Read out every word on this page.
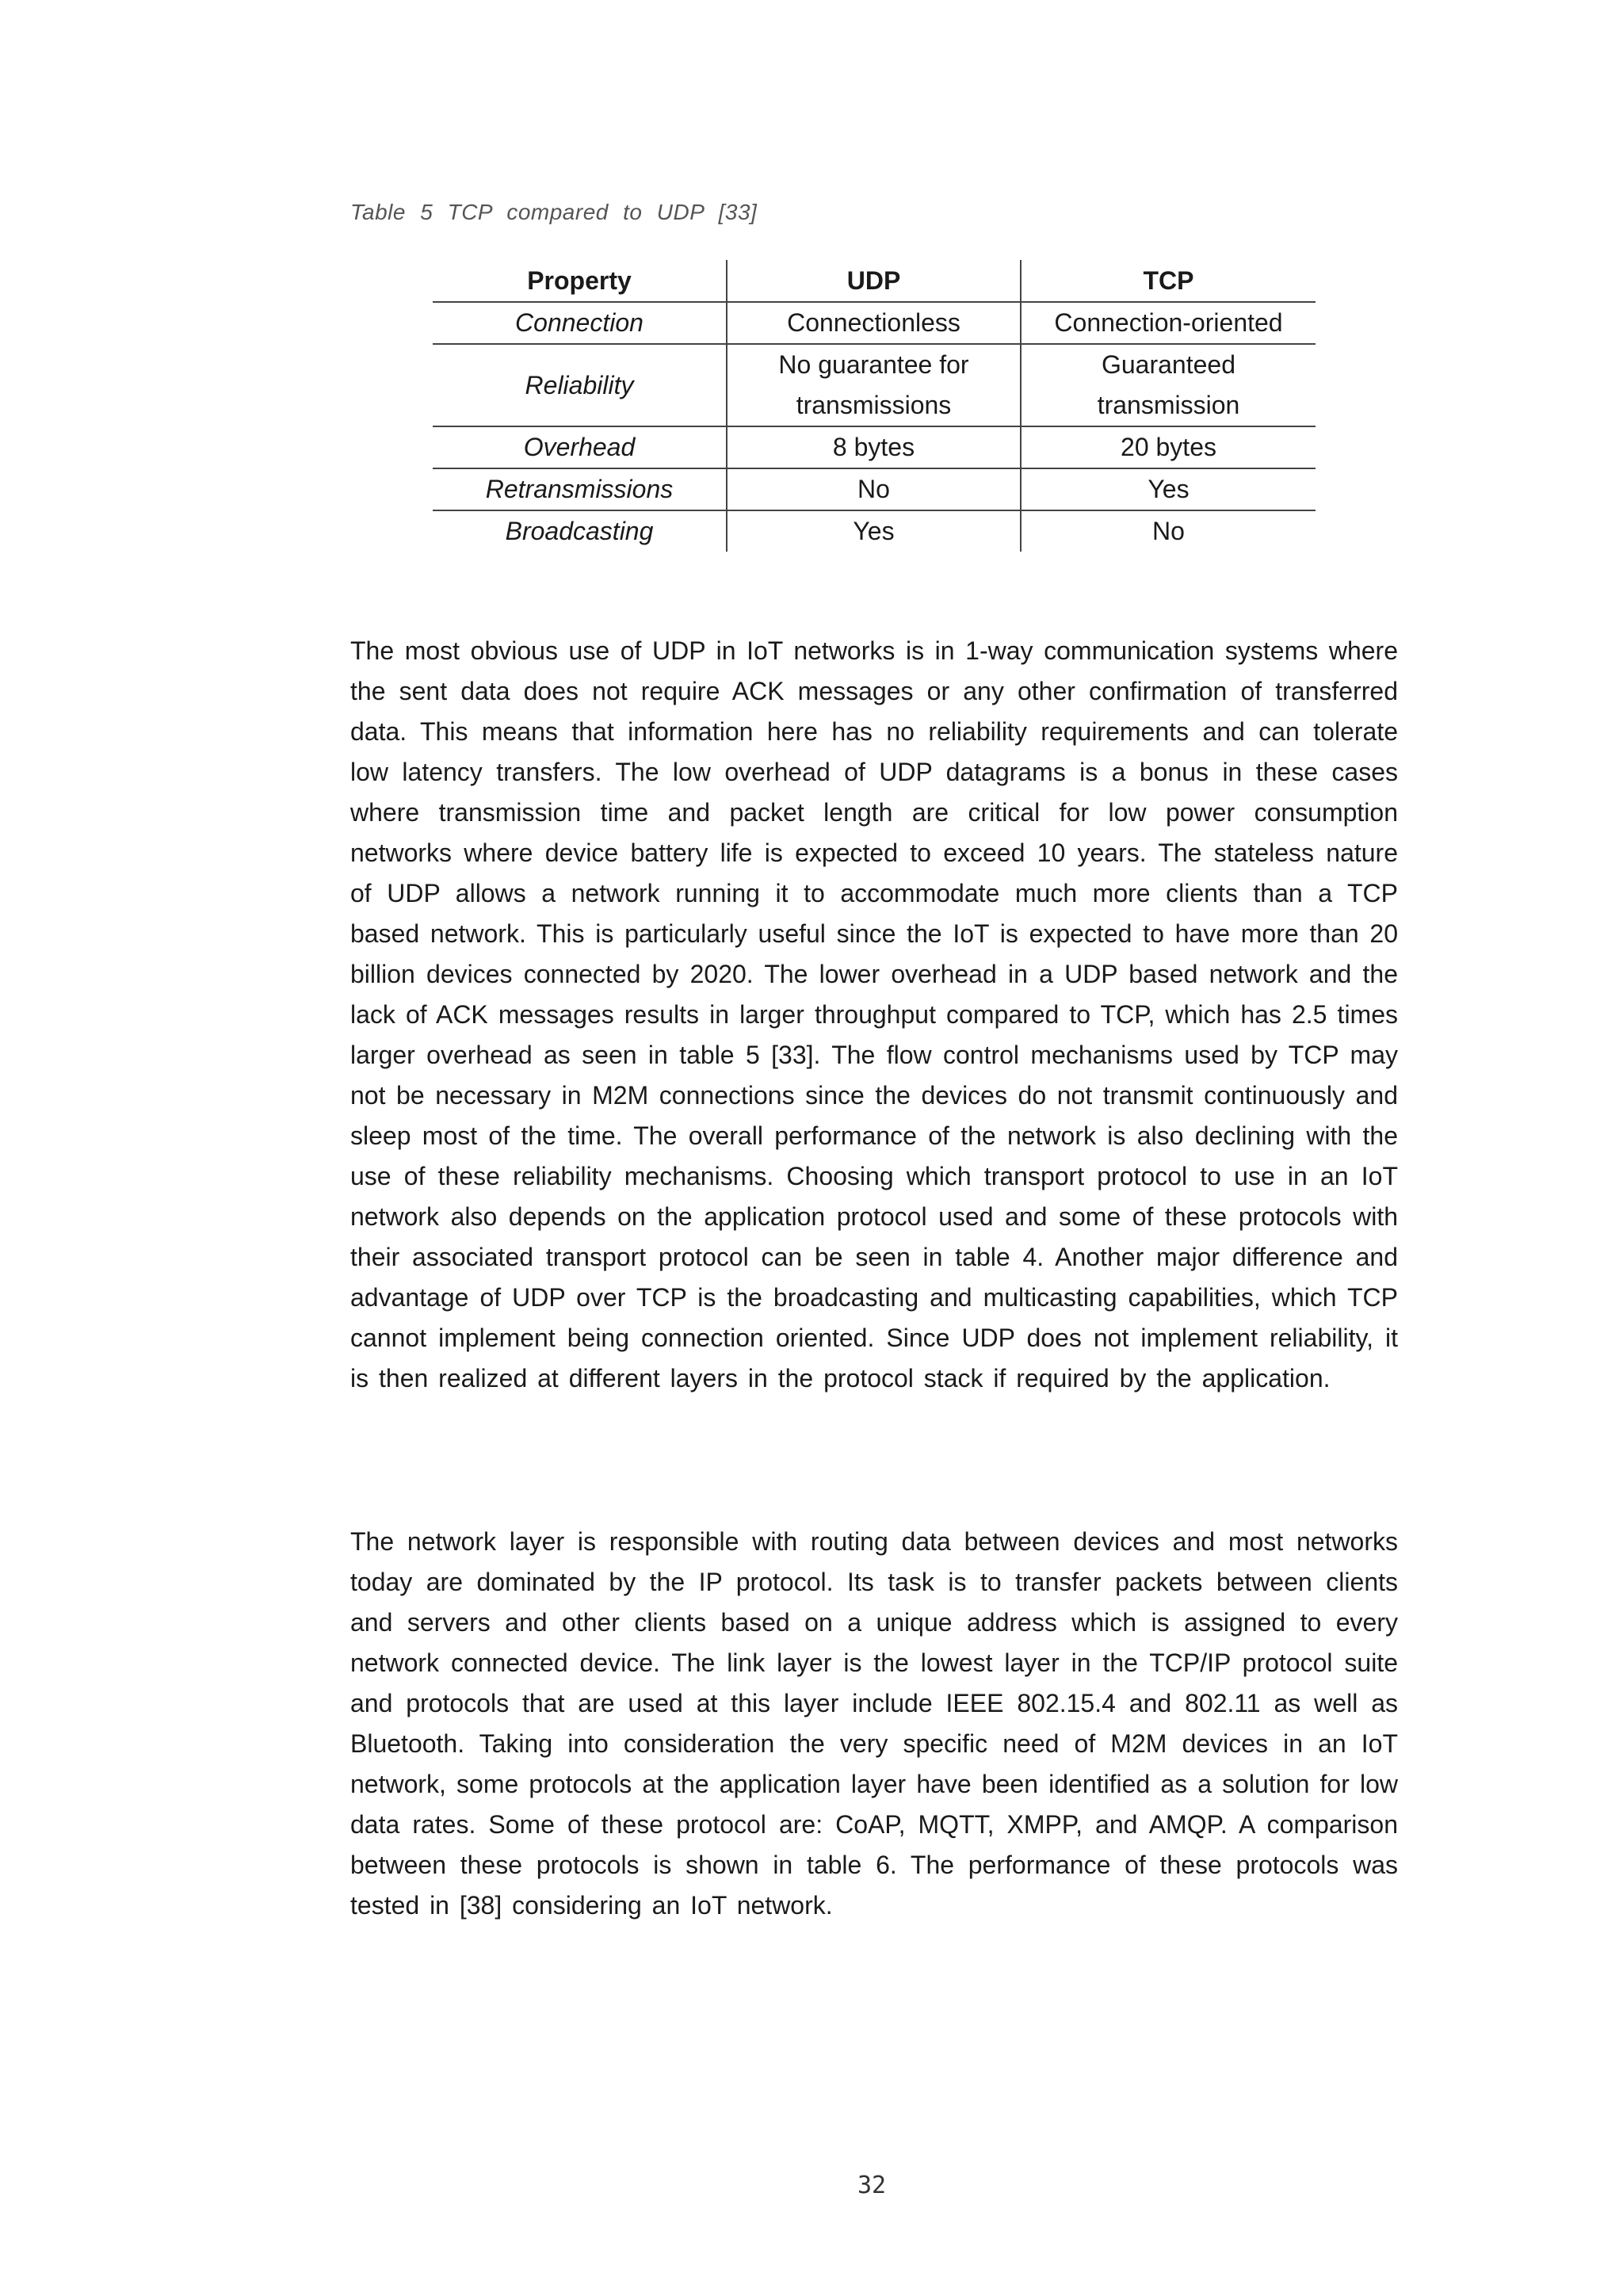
Table 5 TCP compared to UDP [33]
Property	UDP	TCP
Connection	Connectionless	Connection-oriented
Reliability	No guarantee for transmissions	Guaranteed transmission
Overhead	8 bytes	20 bytes
Retransmissions	No	Yes
Broadcasting	Yes	No

The most obvious use of UDP in IoT networks is in 1-way communication systems where the sent data does not require ACK messages or any other confirmation of transferred data. This means that information here has no reliability requirements and can tolerate low latency transfers. The low overhead of UDP datagrams is a bonus in these cases where transmission time and packet length are critical for low power consumption networks where device battery life is expected to exceed 10 years. The stateless nature of UDP allows a network running it to accommodate much more clients than a TCP based network. This is particularly useful since the IoT is expected to have more than 20 billion devices connected by 2020. The lower overhead in a UDP based network and the lack of ACK messages results in larger throughput compared to TCP, which has 2.5 times larger overhead as seen in table 5 [33]. The flow control mechanisms used by TCP may not be necessary in M2M connections since the devices do not transmit continuously and sleep most of the time. The overall performance of the network is also declining with the use of these reliability mechanisms. Choosing which transport protocol to use in an IoT network also depends on the application protocol used and some of these protocols with their associated transport protocol can be seen in table 4. Another major difference and advantage of UDP over TCP is the broadcasting and multicasting capabilities, which TCP cannot implement being connection oriented. Since UDP does not implement reliability, it is then realized at different layers in the protocol stack if required by the application.

The network layer is responsible with routing data between devices and most networks today are dominated by the IP protocol. Its task is to transfer packets between clients and servers and other clients based on a unique address which is assigned to every network connected device. The link layer is the lowest layer in the TCP/IP protocol suite and protocols that are used at this layer include IEEE 802.15.4 and 802.11 as well as Bluetooth. Taking into consideration the very specific need of M2M devices in an IoT network, some protocols at the application layer have been identified as a solution for low data rates. Some of these protocol are: CoAP, MQTT, XMPP, and AMQP. A comparison between these protocols is shown in table 6. The performance of these protocols was tested in [38] considering an IoT network.

32
